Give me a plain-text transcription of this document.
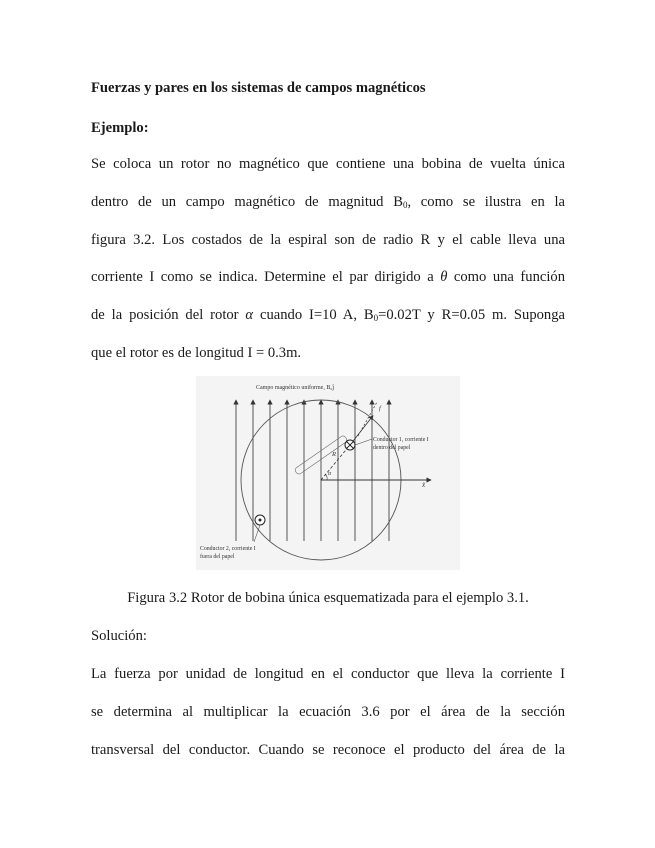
Fuerzas y pares en los sistemas de campos magnéticos
Ejemplo:
Se coloca un rotor no magnético que contiene una bobina de vuelta única
dentro de un campo magnético de magnitud $B_0$, como se ilustra en la
figura 3.2. Los costados de la espiral son de radio R y el cable lleva una
corriente I como se indica. Determine el par dirigido a θ como una función
de la posición del rotor α cuando I=10 A, $B_0=0.02T$ y R=0.05 m. Suponga
que el rotor es de longitud I = 0.3m.
Campo magnético uniforme, B₀ĵ
Conductor 1, corriente I
dentro del papel
Conductor 2, corriente I
fuera del papel
R
α
x̂
f
Figura 3.2 Rotor de bobina única esquematizada para el ejemplo 3.1.
Solución:
La fuerza por unidad de longitud en el conductor que lleva la corriente I
se determina al multiplicar la ecuación 3.6 por el área de la sección
transversal del conductor. Cuando se reconoce el producto del área de la
